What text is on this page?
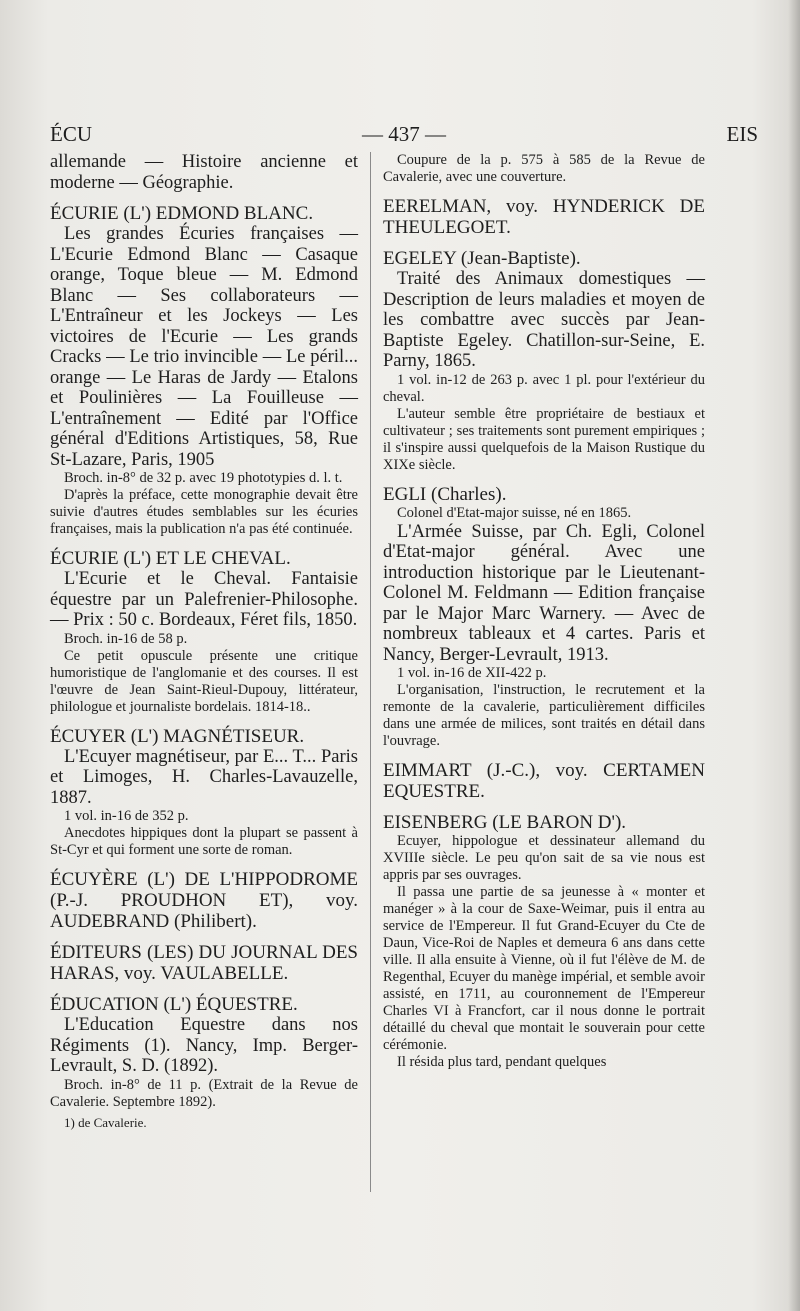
ÉCU	— 437 —	EIS

allemande — Histoire ancienne et moderne — Géographie.

ÉCURIE (L') EDMOND BLANC.

Les grandes Écuries françaises — L'Ecurie Edmond Blanc — Casaque orange, Toque bleue — M. Edmond Blanc — Ses collaborateurs — L'Entraîneur et les Jockeys — Les victoires de l'Ecurie — Les grands Cracks — Le trio invincible — Le péril... orange — Le Haras de Jardy — Etalons et Poulinières — La Fouilleuse — L'entraînement — Edité par l'Office général d'Editions Artistiques, 58, Rue St-Lazare, Paris, 1905

Broch. in-8° de 32 p. avec 19 phototypies d. l. t.

D'après la préface, cette monographie devait être suivie d'autres études semblables sur les écuries françaises, mais la publication n'a pas été continuée.

ÉCURIE (L') ET LE CHEVAL.

L'Ecurie et le Cheval. Fantaisie équestre par un Palefrenier-Philosophe. — Prix : 50 c. Bordeaux, Féret fils, 1850.

Broch. in-16 de 58 p.

Ce petit opuscule présente une critique humoristique de l'anglomanie et des courses. Il est l'œuvre de Jean Saint-Rieul-Dupouy, littérateur, philologue et journaliste bordelais. 1814-18..

ÉCUYER (L') MAGNÉTISEUR.

L'Ecuyer magnétiseur, par E... T... Paris et Limoges, H. Charles-Lavauzelle, 1887.

1 vol. in-16 de 352 p.

Anecdotes hippiques dont la plupart se passent à St-Cyr et qui forment une sorte de roman.

ÉCUYÈRE (L') DE L'HIPPODROME (P.-J. PROUDHON ET), voy. AUDEBRAND (Philibert).

ÉDITEURS (LES) DU JOURNAL DES HARAS, voy. VAULABELLE.

ÉDUCATION (L') ÉQUESTRE.

L'Education Equestre dans nos Régiments (1). Nancy, Imp. Berger-Levrault, S. D. (1892).

Broch. in-8° de 11 p. (Extrait de la Revue de Cavalerie. Septembre 1892).

1) de Cavalerie.

Coupure de la p. 575 à 585 de la Revue de Cavalerie, avec une couverture.

EERELMAN, voy. HYNDERICK DE THEULEGOET.

EGELEY (Jean-Baptiste).

Traité des Animaux domestiques — Description de leurs maladies et moyen de les combattre avec succès par Jean-Baptiste Egeley. Chatillon-sur-Seine, E. Parny, 1865.

1 vol. in-12 de 263 p. avec 1 pl. pour l'extérieur du cheval.

L'auteur semble être propriétaire de bestiaux et cultivateur ; ses traitements sont purement empiriques ; il s'inspire aussi quelquefois de la Maison Rustique du XIXe siècle.

EGLI (Charles).

Colonel d'Etat-major suisse, né en 1865.

L'Armée Suisse, par Ch. Egli, Colonel d'Etat-major général. Avec une introduction historique par le Lieutenant-Colonel M. Feldmann — Edition française par le Major Marc Warnery. — Avec de nombreux tableaux et 4 cartes. Paris et Nancy, Berger-Levrault, 1913.

1 vol. in-16 de XII-422 p.

L'organisation, l'instruction, le recrutement et la remonte de la cavalerie, particulièrement difficiles dans une armée de milices, sont traités en détail dans l'ouvrage.

EIMMART (J.-C.), voy. CERTAMEN EQUESTRE.

EISENBERG (LE BARON D').

Ecuyer, hippologue et dessinateur allemand du XVIIIe siècle. Le peu qu'on sait de sa vie nous est appris par ses ouvrages.

Il passa une partie de sa jeunesse à « monter et manéger » à la cour de Saxe-Weimar, puis il entra au service de l'Empereur. Il fut Grand-Ecuyer du Cte de Daun, Vice-Roi de Naples et demeura 6 ans dans cette ville. Il alla ensuite à Vienne, où il fut l'élève de M. de Regenthal, Ecuyer du manège impérial, et semble avoir assisté, en 1711, au couronnement de l'Empereur Charles VI à Francfort, car il nous donne le portrait détaillé du cheval que montait le souverain pour cette cérémonie.

Il résida plus tard, pendant quelques
